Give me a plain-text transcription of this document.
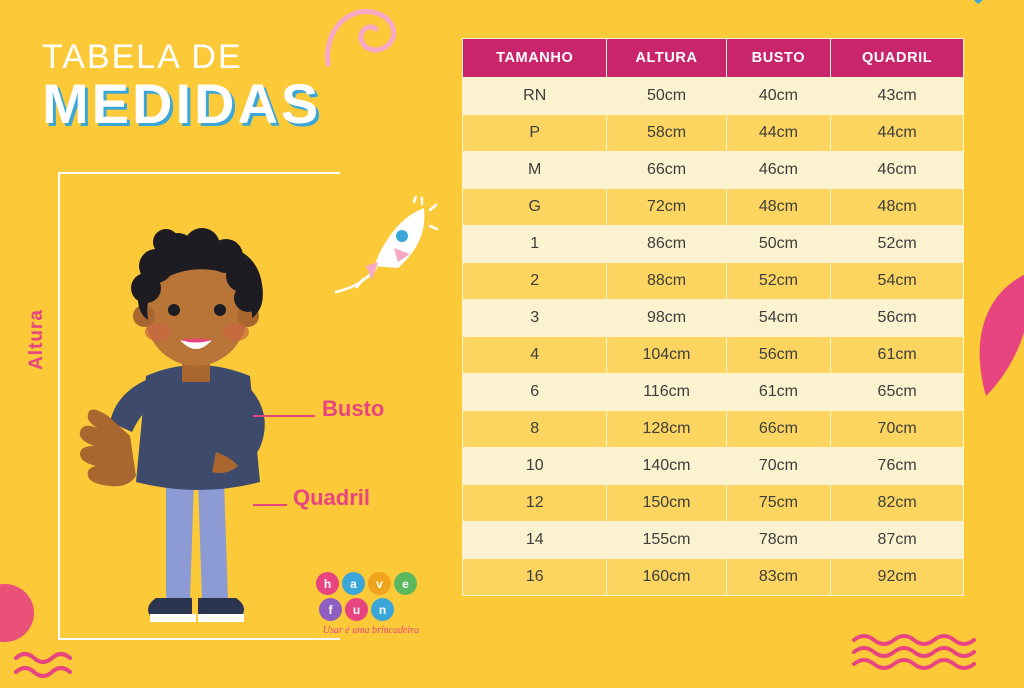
TABELA DE
MEDIDAS
Altura
Busto
Quadril
h	a	v	e
f	u	n
Usar é uma brincadeira
TAMANHO	ALTURA	BUSTO	QUADRIL
RN	50cm	40cm	43cm
P	58cm	44cm	44cm
M	66cm	46cm	46cm
G	72cm	48cm	48cm
1	86cm	50cm	52cm
2	88cm	52cm	54cm
3	98cm	54cm	56cm
4	104cm	56cm	61cm
6	116cm	61cm	65cm
8	128cm	66cm	70cm
10	140cm	70cm	76cm
12	150cm	75cm	82cm
14	155cm	78cm	87cm
16	160cm	83cm	92cm
